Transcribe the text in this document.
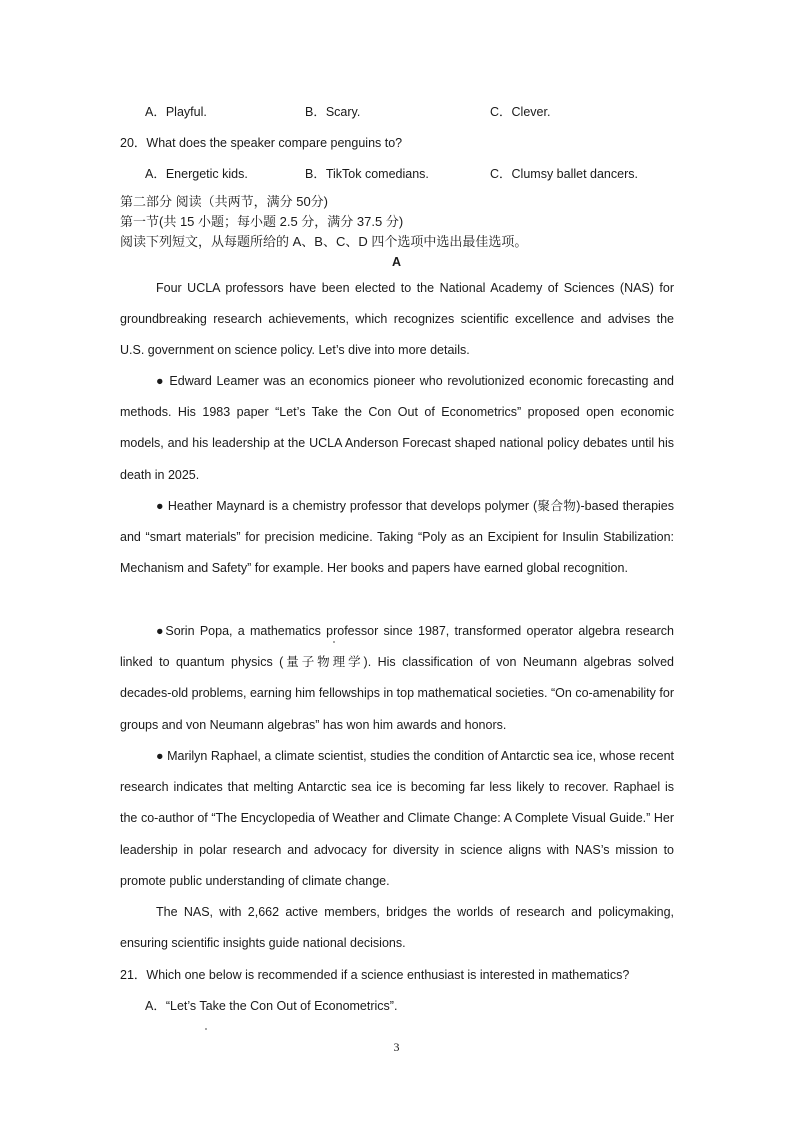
A．Playful.	B．Scary.	C．Clever.
20．What does the speaker compare penguins to?
A．Energetic kids.	B．TikTok comedians.	C．Clumsy ballet dancers.
第二部分 阅读（共两节，满分 50分)
第一节(共 15 小题；每小题 2.5 分，满分 37.5 分)
阅读下列短文，从每题所给的 A、B、C、D 四个选项中选出最佳选项。
A
Four UCLA professors have been elected to the National Academy of Sciences (NAS) for groundbreaking research achievements, which recognizes scientific excellence and advises the U.S. government on science policy. Let’s dive into more details.
● Edward Leamer was an economics pioneer who revolutionized economic forecasting and methods. His 1983 paper “Let’s Take the Con Out of Econometrics” proposed open economic models, and his leadership at the UCLA Anderson Forecast shaped national policy debates until his death in 2025.
● Heather Maynard is a chemistry professor that develops polymer (聚合物)-based therapies and “smart materials” for precision medicine. Taking “Poly as an Excipient for Insulin Stabilization: Mechanism and Safety” for example. Her books and papers have earned global recognition.
●Sorin Popa, a mathematics professor since 1987, transformed operator algebra research linked to quantum physics (量子物理学). His classification of von Neumann algebras solved decades-old problems, earning him fellowships in top mathematical societies. “On co-amenability for groups and von Neumann algebras” has won him awards and honors.
● Marilyn Raphael, a climate scientist, studies the condition of Antarctic sea ice, whose recent research indicates that melting Antarctic sea ice is becoming far less likely to recover. Raphael is the co-author of “The Encyclopedia of Weather and Climate Change: A Complete Visual Guide.” Her leadership in polar research and advocacy for diversity in science aligns with NAS’s mission to promote public understanding of climate change.
The NAS, with 2,662 active members, bridges the worlds of research and policymaking, ensuring scientific insights guide national decisions.
21．Which one below is recommended if a science enthusiast is interested in mathematics?
A．“Let’s Take the Con Out of Econometrics”.
3
